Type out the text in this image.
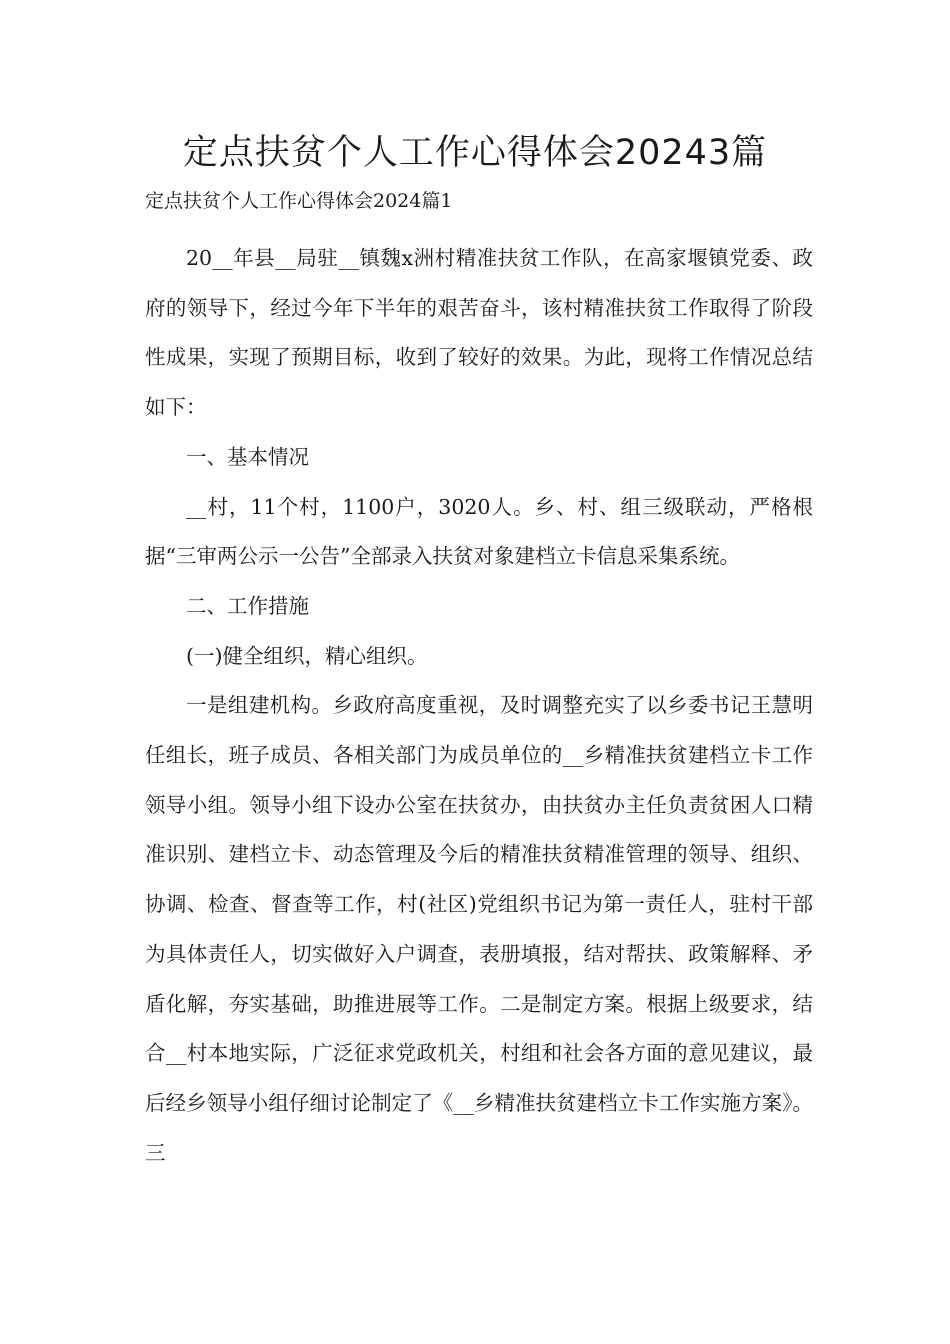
定点扶贫个人工作心得体会20243篇

定点扶贫个人工作心得体会2024篇1

20__年县__局驻__镇魏x洲村精准扶贫工作队，在高家堰镇党委、政府的领导下，经过今年下半年的艰苦奋斗，该村精准扶贫工作取得了阶段性成果，实现了预期目标，收到了较好的效果。为此，现将工作情况总结如下：

一、基本情况

__村，11个村，1100户，3020人。乡、村、组三级联动，严格根据“三审两公示一公告”全部录入扶贫对象建档立卡信息采集系统。

二、工作措施

(一)健全组织，精心组织。

一是组建机构。乡政府高度重视，及时调整充实了以乡委书记王慧明任组长，班子成员、各相关部门为成员单位的__乡精准扶贫建档立卡工作领导小组。领导小组下设办公室在扶贫办，由扶贫办主任负责贫困人口精准识别、建档立卡、动态管理及今后的精准扶贫精准管理的领导、组织、协调、检查、督查等工作，村(社区)党组织书记为第一责任人，驻村干部为具体责任人，切实做好入户调查，表册填报，结对帮扶、政策解释、矛盾化解，夯实基础，助推进展等工作。二是制定方案。根据上级要求，结合__村本地实际，广泛征求党政机关，村组和社会各方面的意见建议，最后经乡领导小组仔细讨论制定了《__乡精准扶贫建档立卡工作实施方案》。三
